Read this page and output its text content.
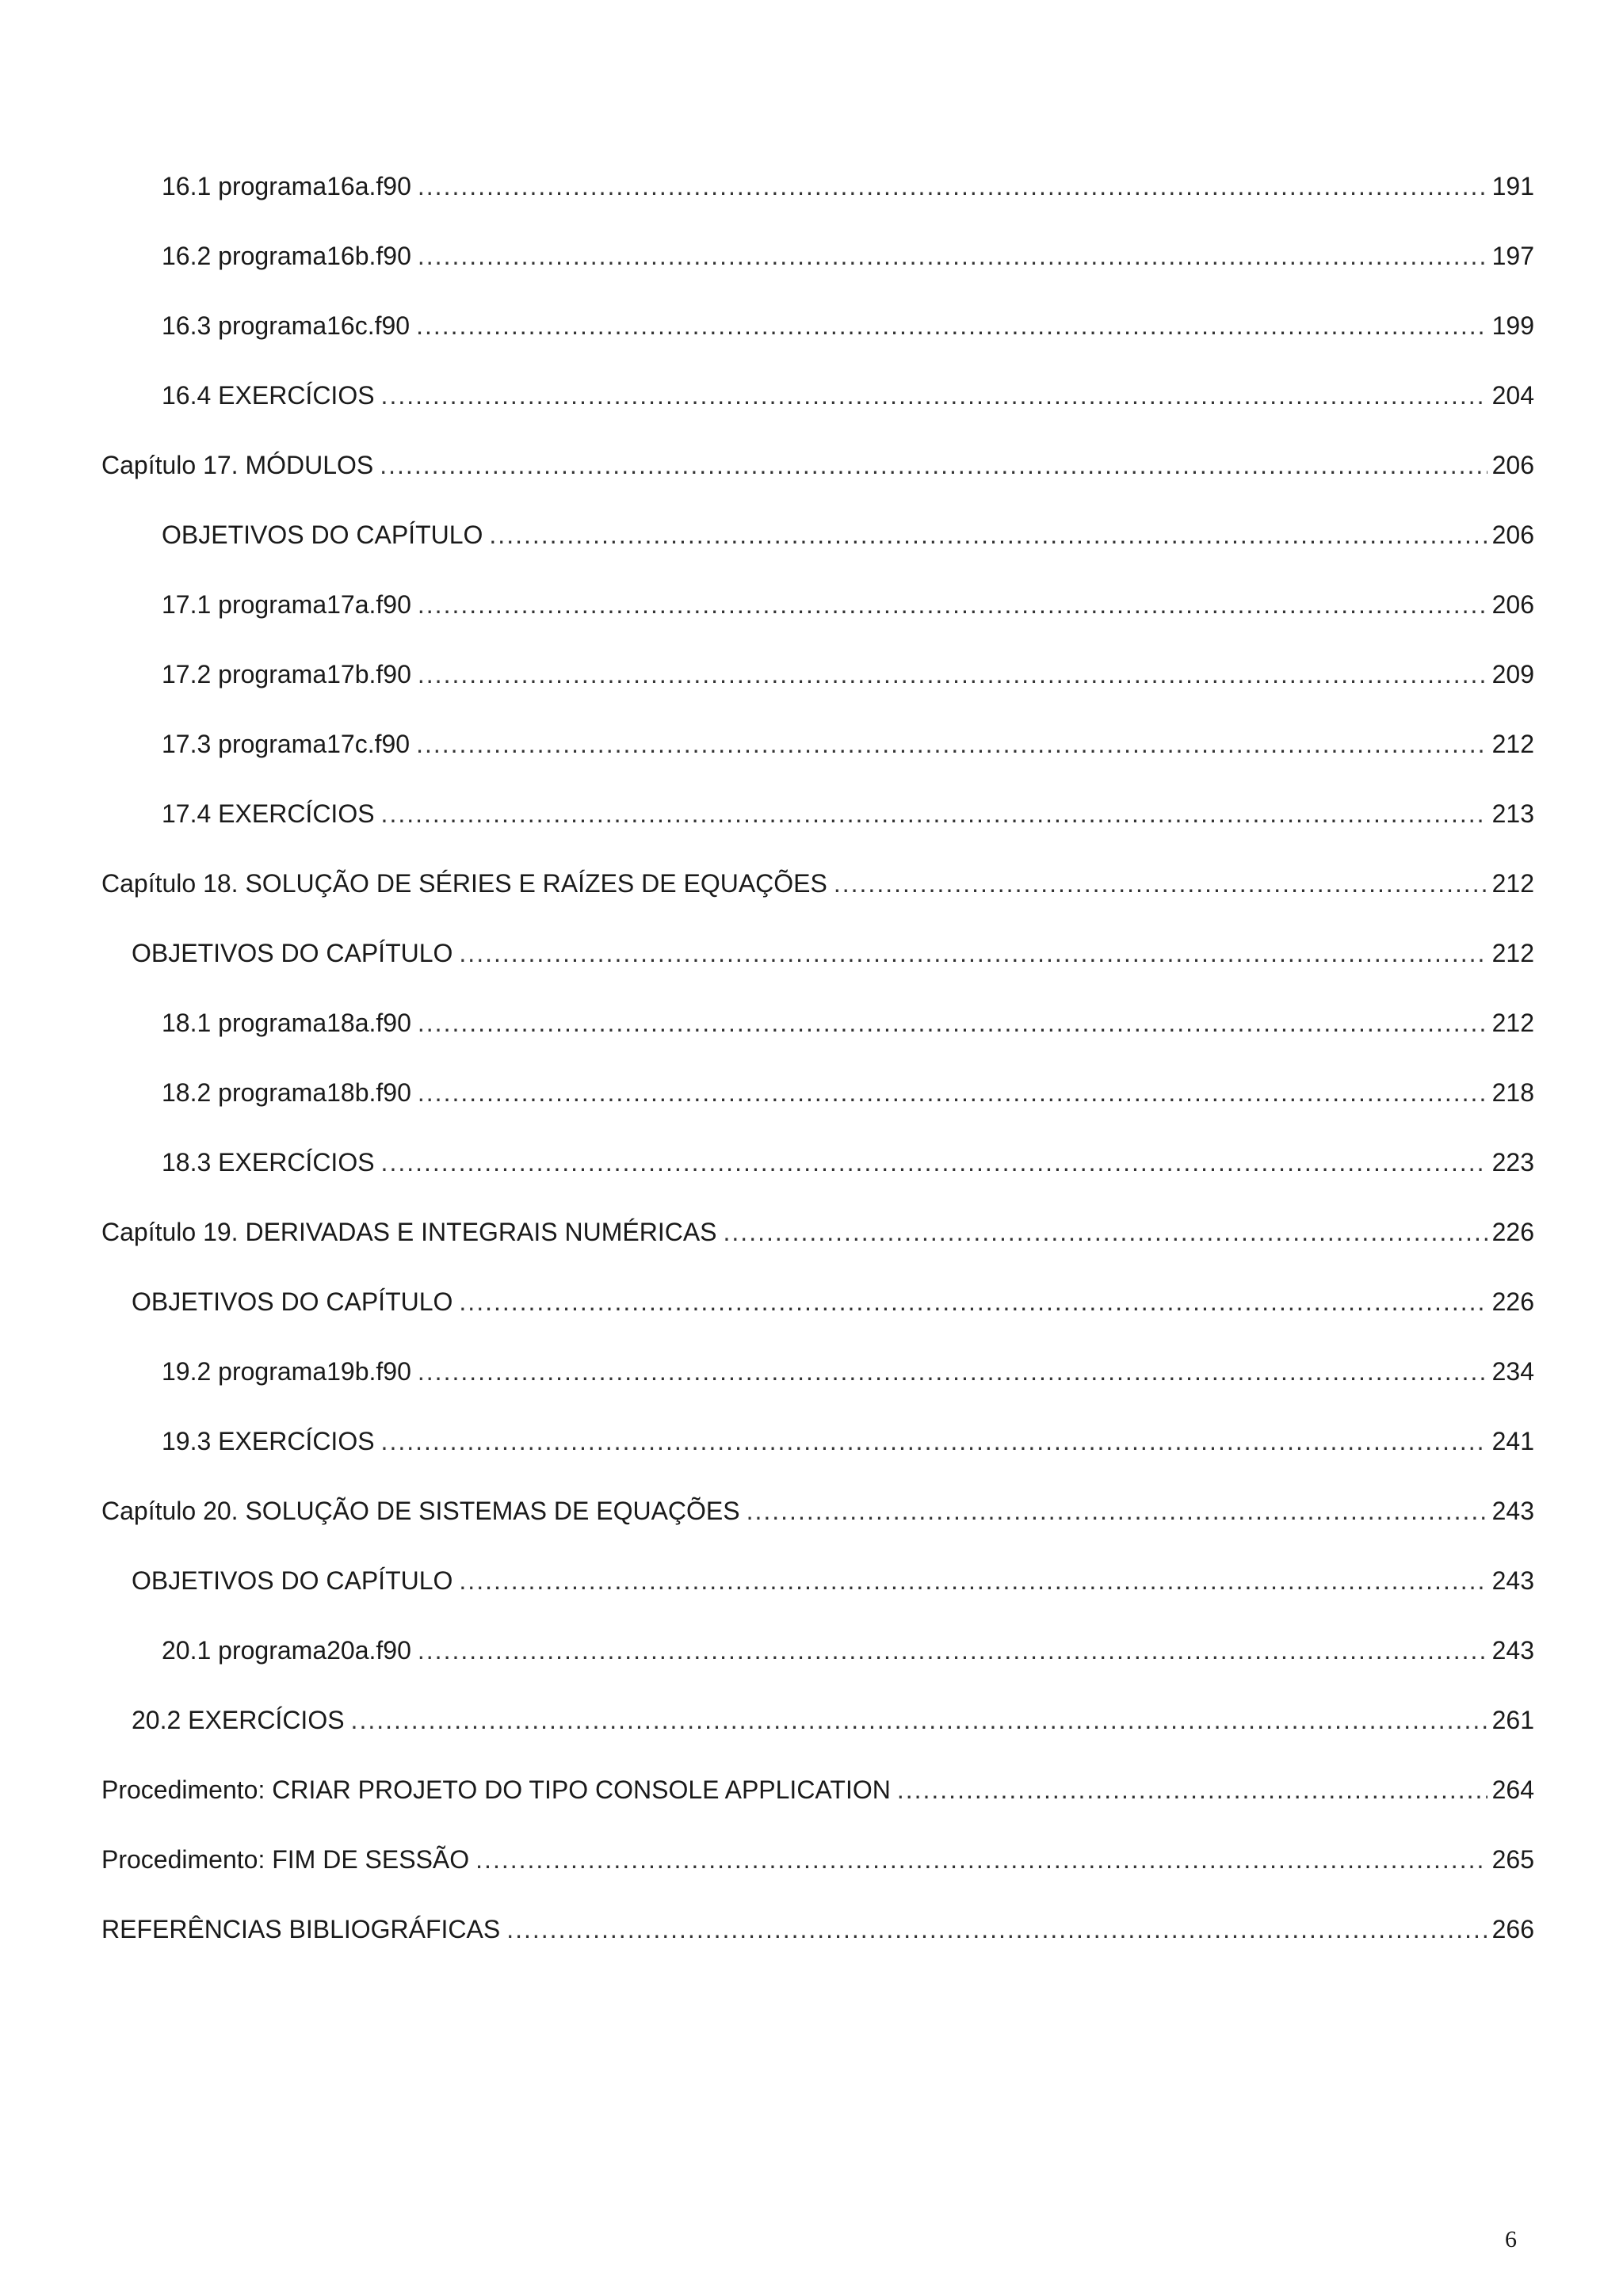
16.1 programa16a.f90 .....	191
16.2 programa16b.f90 .....	197
16.3 programa16c.f90 .....	199
16.4 EXERCÍCIOS .....	204
Capítulo 17. MÓDULOS .....	206
OBJETIVOS DO CAPÍTULO .....	206
17.1 programa17a.f90 .....	206
17.2 programa17b.f90 .....	209
17.3 programa17c.f90 .....	212
17.4 EXERCÍCIOS .....	213
Capítulo 18. SOLUÇÃO DE SÉRIES E RAÍZES DE EQUAÇÕES .....	212
OBJETIVOS DO CAPÍTULO .....	212
18.1 programa18a.f90 .....	212
18.2 programa18b.f90 .....	218
18.3 EXERCÍCIOS .....	223
Capítulo 19. DERIVADAS E INTEGRAIS NUMÉRICAS .....	226
OBJETIVOS DO CAPÍTULO .....	226
19.2 programa19b.f90 .....	234
19.3 EXERCÍCIOS .....	241
Capítulo 20. SOLUÇÃO DE SISTEMAS DE EQUAÇÕES .....	243
OBJETIVOS DO CAPÍTULO .....	243
20.1 programa20a.f90 .....	243
20.2 EXERCÍCIOS .....	261
Procedimento: CRIAR PROJETO DO TIPO CONSOLE APPLICATION .....	264
Procedimento: FIM DE SESSÃO .....	265
REFERÊNCIAS BIBLIOGRÁFICAS .....	266
6
